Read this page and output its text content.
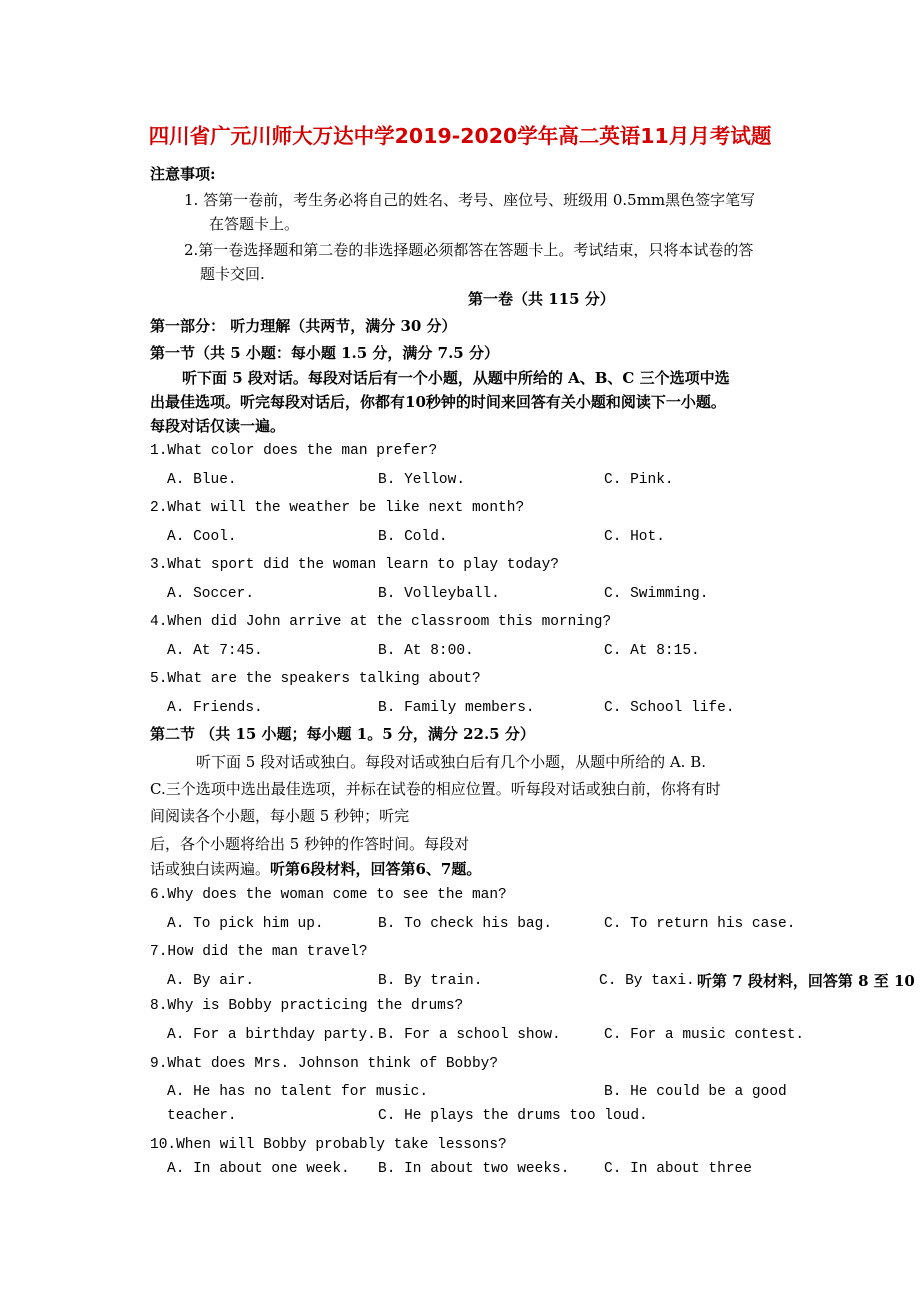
四川省广元川师大万达中学2019-2020学年高二英语11月月考试题
注意事项:
1. 答第一卷前，考生务必将自己的姓名、考号、座位号、班级用 0.5mm黑色签字笔写
在答题卡上。
2.第一卷选择题和第二卷的非选择题必须都答在答题卡上。考试结束，只将本试卷的答
题卡交回.
第一卷（共 115 分）
第一部分： 听力理解（共两节，满分 30 分）
第一节（共 5 小题：每小题 1.5 分，满分 7.5 分）
听下面 5 段对话。每段对话后有一个小题，从题中所给的 A、B、C 三个选项中选
出最佳选项。听完每段对话后，你都有10秒钟的时间来回答有关小题和阅读下一小题。
每段对话仅读一遍。
1.What color does the man prefer?
A. Blue.	B. Yellow.	C. Pink.
2.What will the weather be like next month?
A. Cool.	B. Cold.	C. Hot.
3.What sport did the woman learn to play today?
A. Soccer.	B. Volleyball.	C. Swimming.
4.When did John arrive at the classroom this morning?
A. At 7:45.	B. At 8:00.	C. At 8:15.
5.What are the speakers talking about?
A. Friends.	B. Family members.	C. School life.
第二节 （共 15 小题；每小题 1。5 分，满分 22.5 分）
听下面 5 段对话或独白。每段对话或独白后有几个小题，从题中所给的 A. B.
C.三个选项中选出最佳选项，并标在试卷的相应位置。听每段对话或独白前，你将有时
间阅读各个小题，每小题 5 秒钟；听完
后，各个小题将给出 5 秒钟的作答时间。每段对
话或独白读两遍。听第6段材料，回答第6、7题。
6.Why does the woman come to see the man?
A. To pick him up.	B. To check his bag.	C. To return his case.
7.How did the man travel?
A. By air.	B. By train.	C. By taxi. 听第 7 段材料，回答第 8 至 10
8.Why is Bobby practicing the drums?
A. For a birthday party. B. For a school show.	C. For a music contest.
9.What does Mrs. Johnson think of Bobby?
A. He has no talent for music.	B. He could be a good
teacher.	C. He plays the drums too loud.
10.When will Bobby probably take lessons?
A. In about one week. B. In about two weeks. C. In about three
